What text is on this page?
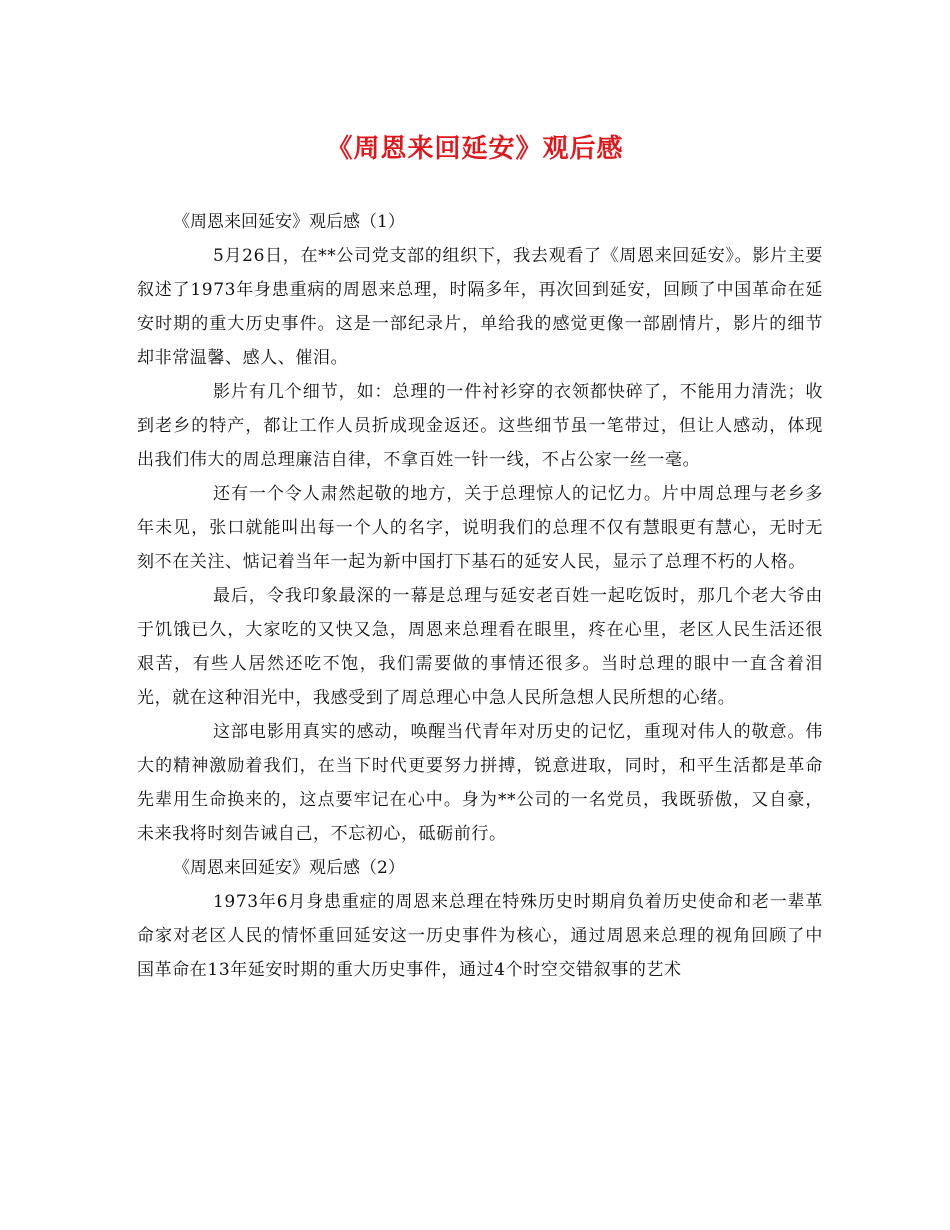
《周恩来回延安》观后感

《周恩来回延安》观后感（1）

5月26日，在**公司党支部的组织下，我去观看了《周恩来回延安》。影片主要叙述了1973年身患重病的周恩来总理，时隔多年，再次回到延安，回顾了中国革命在延安时期的重大历史事件。这是一部纪录片，单给我的感觉更像一部剧情片，影片的细节却非常温馨、感人、催泪。

影片有几个细节，如：总理的一件衬衫穿的衣领都快碎了，不能用力清洗；收到老乡的特产，都让工作人员折成现金返还。这些细节虽一笔带过，但让人感动，体现出我们伟大的周总理廉洁自律，不拿百姓一针一线，不占公家一丝一毫。

还有一个令人肃然起敬的地方，关于总理惊人的记忆力。片中周总理与老乡多年未见，张口就能叫出每一个人的名字，说明我们的总理不仅有慧眼更有慧心，无时无刻不在关注、惦记着当年一起为新中国打下基石的延安人民，显示了总理不朽的人格。

最后，令我印象最深的一幕是总理与延安老百姓一起吃饭时，那几个老大爷由于饥饿已久，大家吃的又快又急，周恩来总理看在眼里，疼在心里，老区人民生活还很艰苦，有些人居然还吃不饱，我们需要做的事情还很多。当时总理的眼中一直含着泪光，就在这种泪光中，我感受到了周总理心中急人民所急想人民所想的心绪。

这部电影用真实的感动，唤醒当代青年对历史的记忆，重现对伟人的敬意。伟大的精神激励着我们，在当下时代更要努力拼搏，锐意进取，同时，和平生活都是革命先辈用生命换来的，这点要牢记在心中。身为**公司的一名党员，我既骄傲，又自豪，未来我将时刻告诫自己，不忘初心，砥砺前行。

《周恩来回延安》观后感（2）

1973年6月身患重症的周恩来总理在特殊历史时期肩负着历史使命和老一辈革命家对老区人民的情怀重回延安这一历史事件为核心，通过周恩来总理的视角回顾了中国革命在13年延安时期的重大历史事件，通过4个时空交错叙事的艺术
